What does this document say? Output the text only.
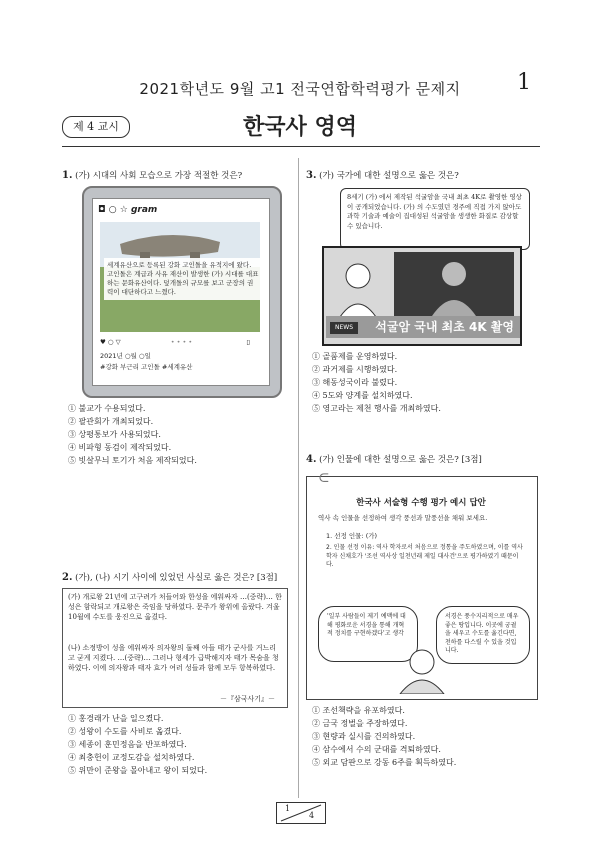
2021학년도 9월 고1 전국연합학력평가 문제지	1
제 4 교시	한국사 영역
1. (가) 시대의 사회 모습으로 가장 적절한 것은?
◘ ○ ☆ gram
세계유산으로 등록된 강화 고인돌을 유적지에 왔다. 고인돌은 계급과 사유 재산이 발생한 (가) 시대를 대표하는 문화유산이다. 덮개돌의 규모를 보고 군장의 권력이 대단하다고 느꼈다.
♥ ○ ▽	• • • •	▯
2021년 ○월 ○일
#강화 부근리 고인돌 #세계유산
① 불교가 수용되었다.
② 팔관회가 개최되었다.
③ 상평통보가 사용되었다.
④ 비파형 동검이 제작되었다.
⑤ 빗살무늬 토기가 처음 제작되었다.
2. (가), (나) 시기 사이에 있었던 사실로 옳은 것은? [3점]
(가) 개로왕 21년에 고구려가 처들어와 한성을 에워싸자 …(중략)… 한성은 함락되고 개로왕은 죽임을 당하였다. 문주가 왕위에 올랐다. 겨울 10월에 수도를 웅진으로 옮겼다.
(나) 소정방이 성을 에워싸자 의자왕의 둘째 아들 태가 군사를 거느리고 굳게 지켰다. …(중략)… 그러나 형세가 급박해지자 태가 목숨을 청하였다. 이에 의자왕과 태자 효가 여러 성들과 함께 모두 항복하였다.
－『삼국사기』－
① 홍경래가 난을 일으켰다.
② 성왕이 수도를 사비로 옮겼다.
③ 세종이 훈민정음을 반포하였다.
④ 최충헌이 교정도감을 설치하였다.
⑤ 위만이 준왕을 몰아내고 왕이 되었다.
3. (가) 국가에 대한 설명으로 옳은 것은?
8세기 (가) 에서 제작된 석굴암을 국내 최초 4K로 촬영한 영상이 공개되었습니다. (가) 의 수도였던 경주에 직접 가지 않아도 과학 기술과 예술이 집대성된 석굴암을 생생한 화질로 감상할 수 있습니다.
석굴암 국내 최초 4K 촬영
NEWS
① 골품제를 운영하였다.
② 과거제를 시행하였다.
③ 해동성국이라 불렸다.
④ 5도와 양계를 설치하였다.
⑤ 영고라는 제천 행사를 개최하였다.
4. (가) 인물에 대한 설명으로 옳은 것은? [3점]
⊂
한국사 서술형 수행 평가 예시 답안
역사 속 인물을 선정하여 생각 풍선과 말풍선을 채워 보세요.
1. 선정 인물: (가)
2. 인물 선정 이유: 역사 학자로서 처음으로 정통을 주도하였으며, 이를 역사학자 신채호가 '조선 역사상 일천년래 제일 대사건'으로 평가하였기 때문이다.
'일부 사람들이 제기 예맥에 대해 평화로운 서경을 통해 개혁적 정치를 구현하겠다'고 생각
서경은 풍수지리적으로 매우 좋은 땅입니다. 이곳에 궁궐을 세우고 수도를 옮긴다면, 천하를 다스릴 수 있을 것입니다.
① 조선책략을 유포하였다.
② 금국 정벌을 주장하였다.
③ 현량과 실시를 건의하였다.
④ 삼수에서 수의 군대를 격퇴하였다.
⑤ 외교 담판으로 강동 6주를 획득하였다.
1
4
